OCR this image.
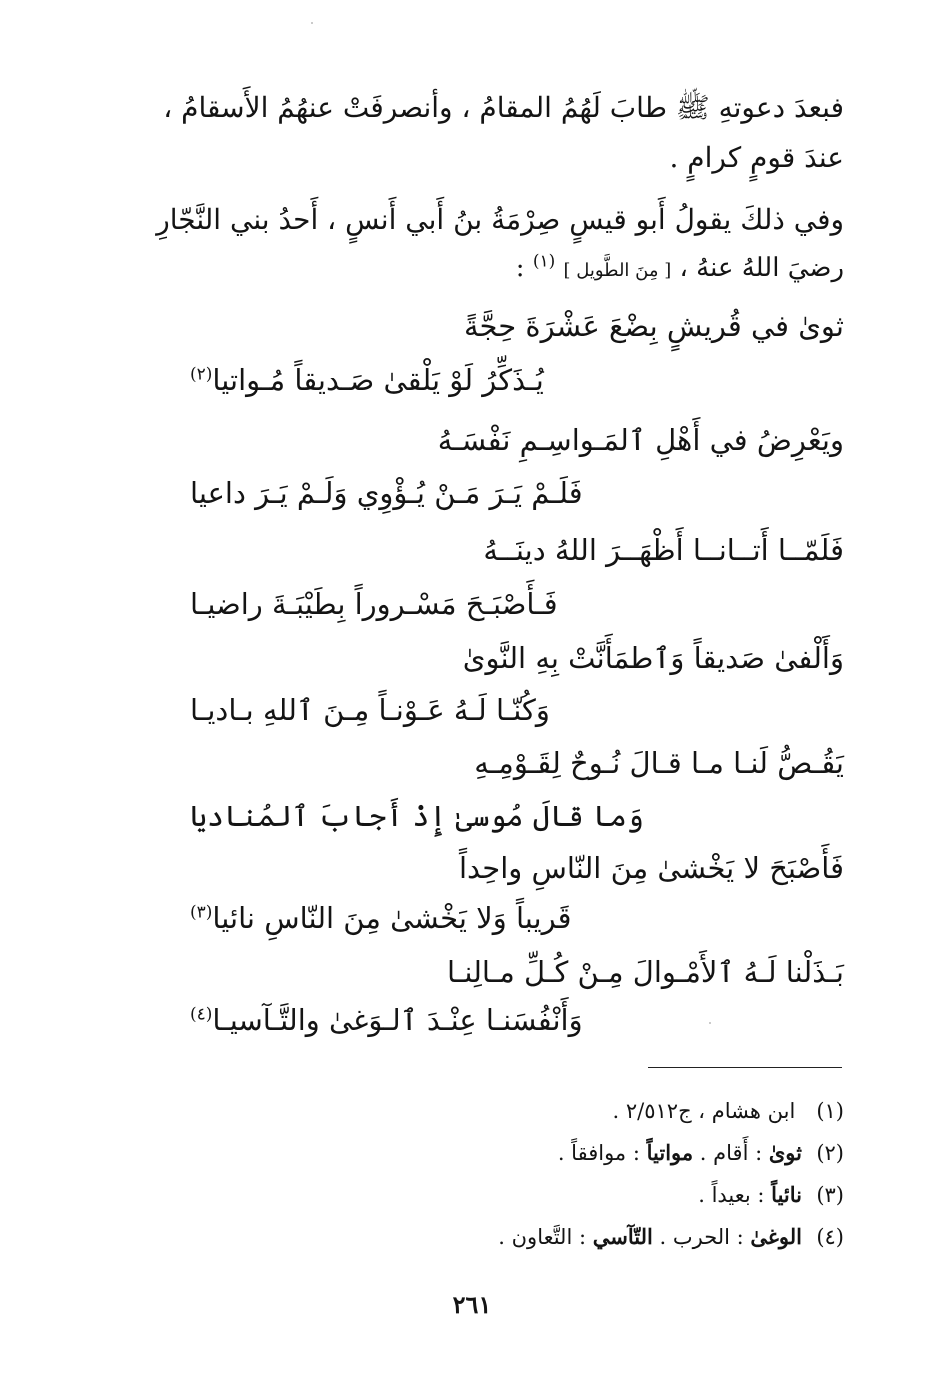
فبعدَ دعوتهِ ﷺ طابَ لَهُمُ المقامُ ، وأنصرفَتْ عنهُمُ الأَسقامُ ،
عندَ قومٍ كرامٍ .
وفي ذلكَ يقولُ أَبو قيسٍ صِرْمَةُ بنُ أَبي أَنسٍ ، أَحدُ بني النَّجّارِ
رضيَ اللهُ عنهُ ، [ مِنَ الطَّويل ] $^{(١)}$ :
ثوىٰ في قُريشٍ بِضْعَ عَشْرَةَ حِجَّةً
يُـذَكِّرُ لَوْ يَلْقىٰ صَـديقاً مُـواتيا$^{(٢)}$
ويَعْرِضُ في أَهْلِ ٱلمَـواسِـمِ نَفْسَـهُ
فَلَـمْ يَـرَ مَـنْ يُـؤْوِي وَلَـمْ يَـرَ داعيا
فَلَمّــا أَتــانــا أَظْهَــرَ اللهُ دينَــهُ
فَـأَصْبَـحَ مَسْـروراً بِطَيْبَـةَ راضيـا
وَأَلْفىٰ صَديقاً وَٱطمَأَنَّتْ بِهِ النَّوىٰ
وَكُنّـا لَـهُ عَـوْنـاً مِـنَ ٱللهِ بـاديـا
يَقُـصُّ لَنـا مـا قـالَ نُـوحٌ لِقَـوْمِـهِ
وَما قالَ مُوسىٰ إِذْ أَجابَ ٱلمُناديا
فَأَصْبَحَ لا يَخْشىٰ مِنَ النّاسِ واحِداً
قَريباً وَلا يَخْشىٰ مِنَ النّاسِ نائيا$^{(٣)}$
بَـذَلْنا لَـهُ ٱلأَمْـوالَ مِـنْ كُـلِّ مـالِنـا
وَأَنْفُسَنـا عِنْـدَ ٱلـوَغىٰ والتَّـآسيـا$^{(٤)}$
(١) ابن هشام ، ج٢/٥١٢ .
(٢)ثوىٰ : أَقام . مواتياً : موافقاً .
(٣)نائياً : بعيداً .
(٤)الوغىٰ : الحرب . التّآسي : التَّعاون .
٢٦١
